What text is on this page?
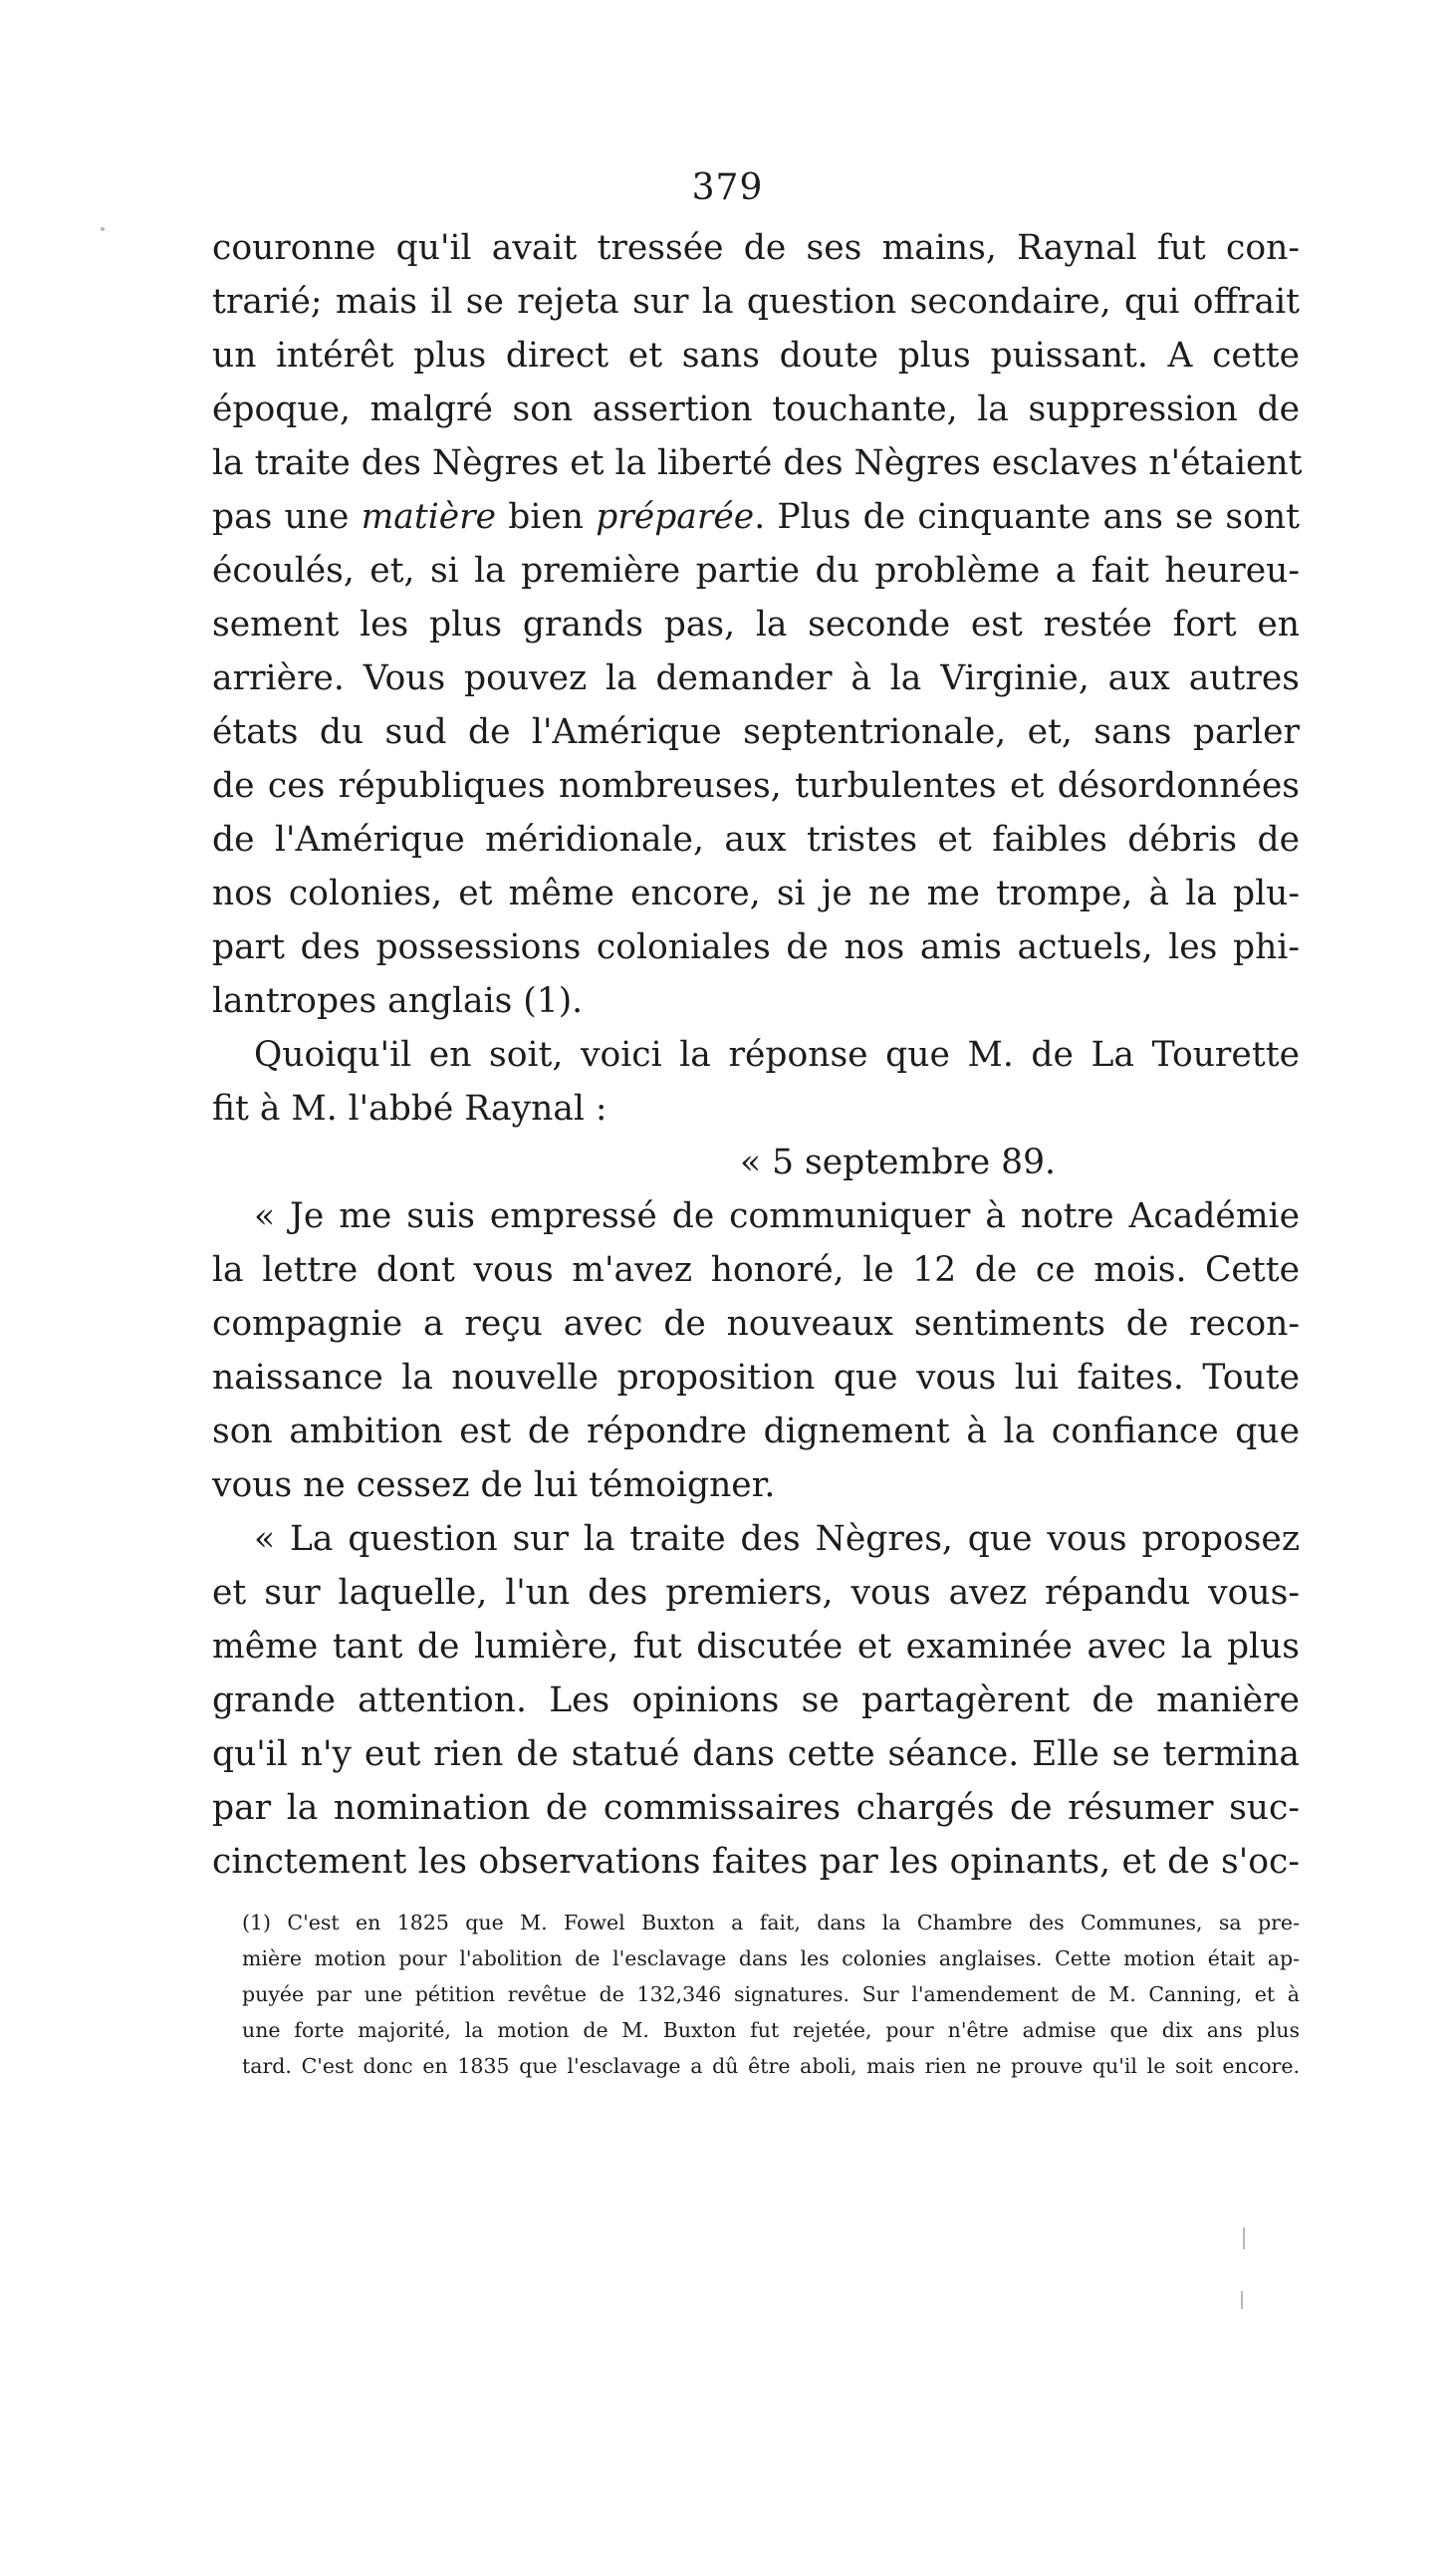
379
couronne qu'il avait tressée de ses mains, Raynal fut con-
trarié; mais il se rejeta sur la question secondaire, qui offrait
un intérêt plus direct et sans doute plus puissant. A cette
époque, malgré son assertion touchante, la suppression de
la traite des Nègres et la liberté des Nègres esclaves n'étaient
pas une matière bien préparée. Plus de cinquante ans se sont
écoulés, et, si la première partie du problème a fait heureu-
sement les plus grands pas, la seconde est restée fort en
arrière. Vous pouvez la demander à la Virginie, aux autres
états du sud de l'Amérique septentrionale, et, sans parler
de ces républiques nombreuses, turbulentes et désordonnées
de l'Amérique méridionale, aux tristes et faibles débris de
nos colonies, et même encore, si je ne me trompe, à la plu-
part des possessions coloniales de nos amis actuels, les phi-
lantropes anglais (1).
Quoiqu'il en soit, voici la réponse que M. de La Tourette
fit à M. l'abbé Raynal :
« 5 septembre 89.
« Je me suis empressé de communiquer à notre Académie
la lettre dont vous m'avez honoré, le 12 de ce mois. Cette
compagnie a reçu avec de nouveaux sentiments de recon-
naissance la nouvelle proposition que vous lui faites. Toute
son ambition est de répondre dignement à la confiance que
vous ne cessez de lui témoigner.
« La question sur la traite des Nègres, que vous proposez
et sur laquelle, l'un des premiers, vous avez répandu vous-
même tant de lumière, fut discutée et examinée avec la plus
grande attention. Les opinions se partagèrent de manière
qu'il n'y eut rien de statué dans cette séance. Elle se termina
par la nomination de commissaires chargés de résumer suc-
cinctement les observations faites par les opinants, et de s'oc-
(1) C'est en 1825 que M. Fowel Buxton a fait, dans la Chambre des Communes, sa pre-
mière motion pour l'abolition de l'esclavage dans les colonies anglaises. Cette motion était ap-
puyée par une pétition revêtue de 132,346 signatures. Sur l'amendement de M. Canning, et à
une forte majorité, la motion de M. Buxton fut rejetée, pour n'être admise que dix ans plus
tard. C'est donc en 1835 que l'esclavage a dû être aboli, mais rien ne prouve qu'il le soit encore.
